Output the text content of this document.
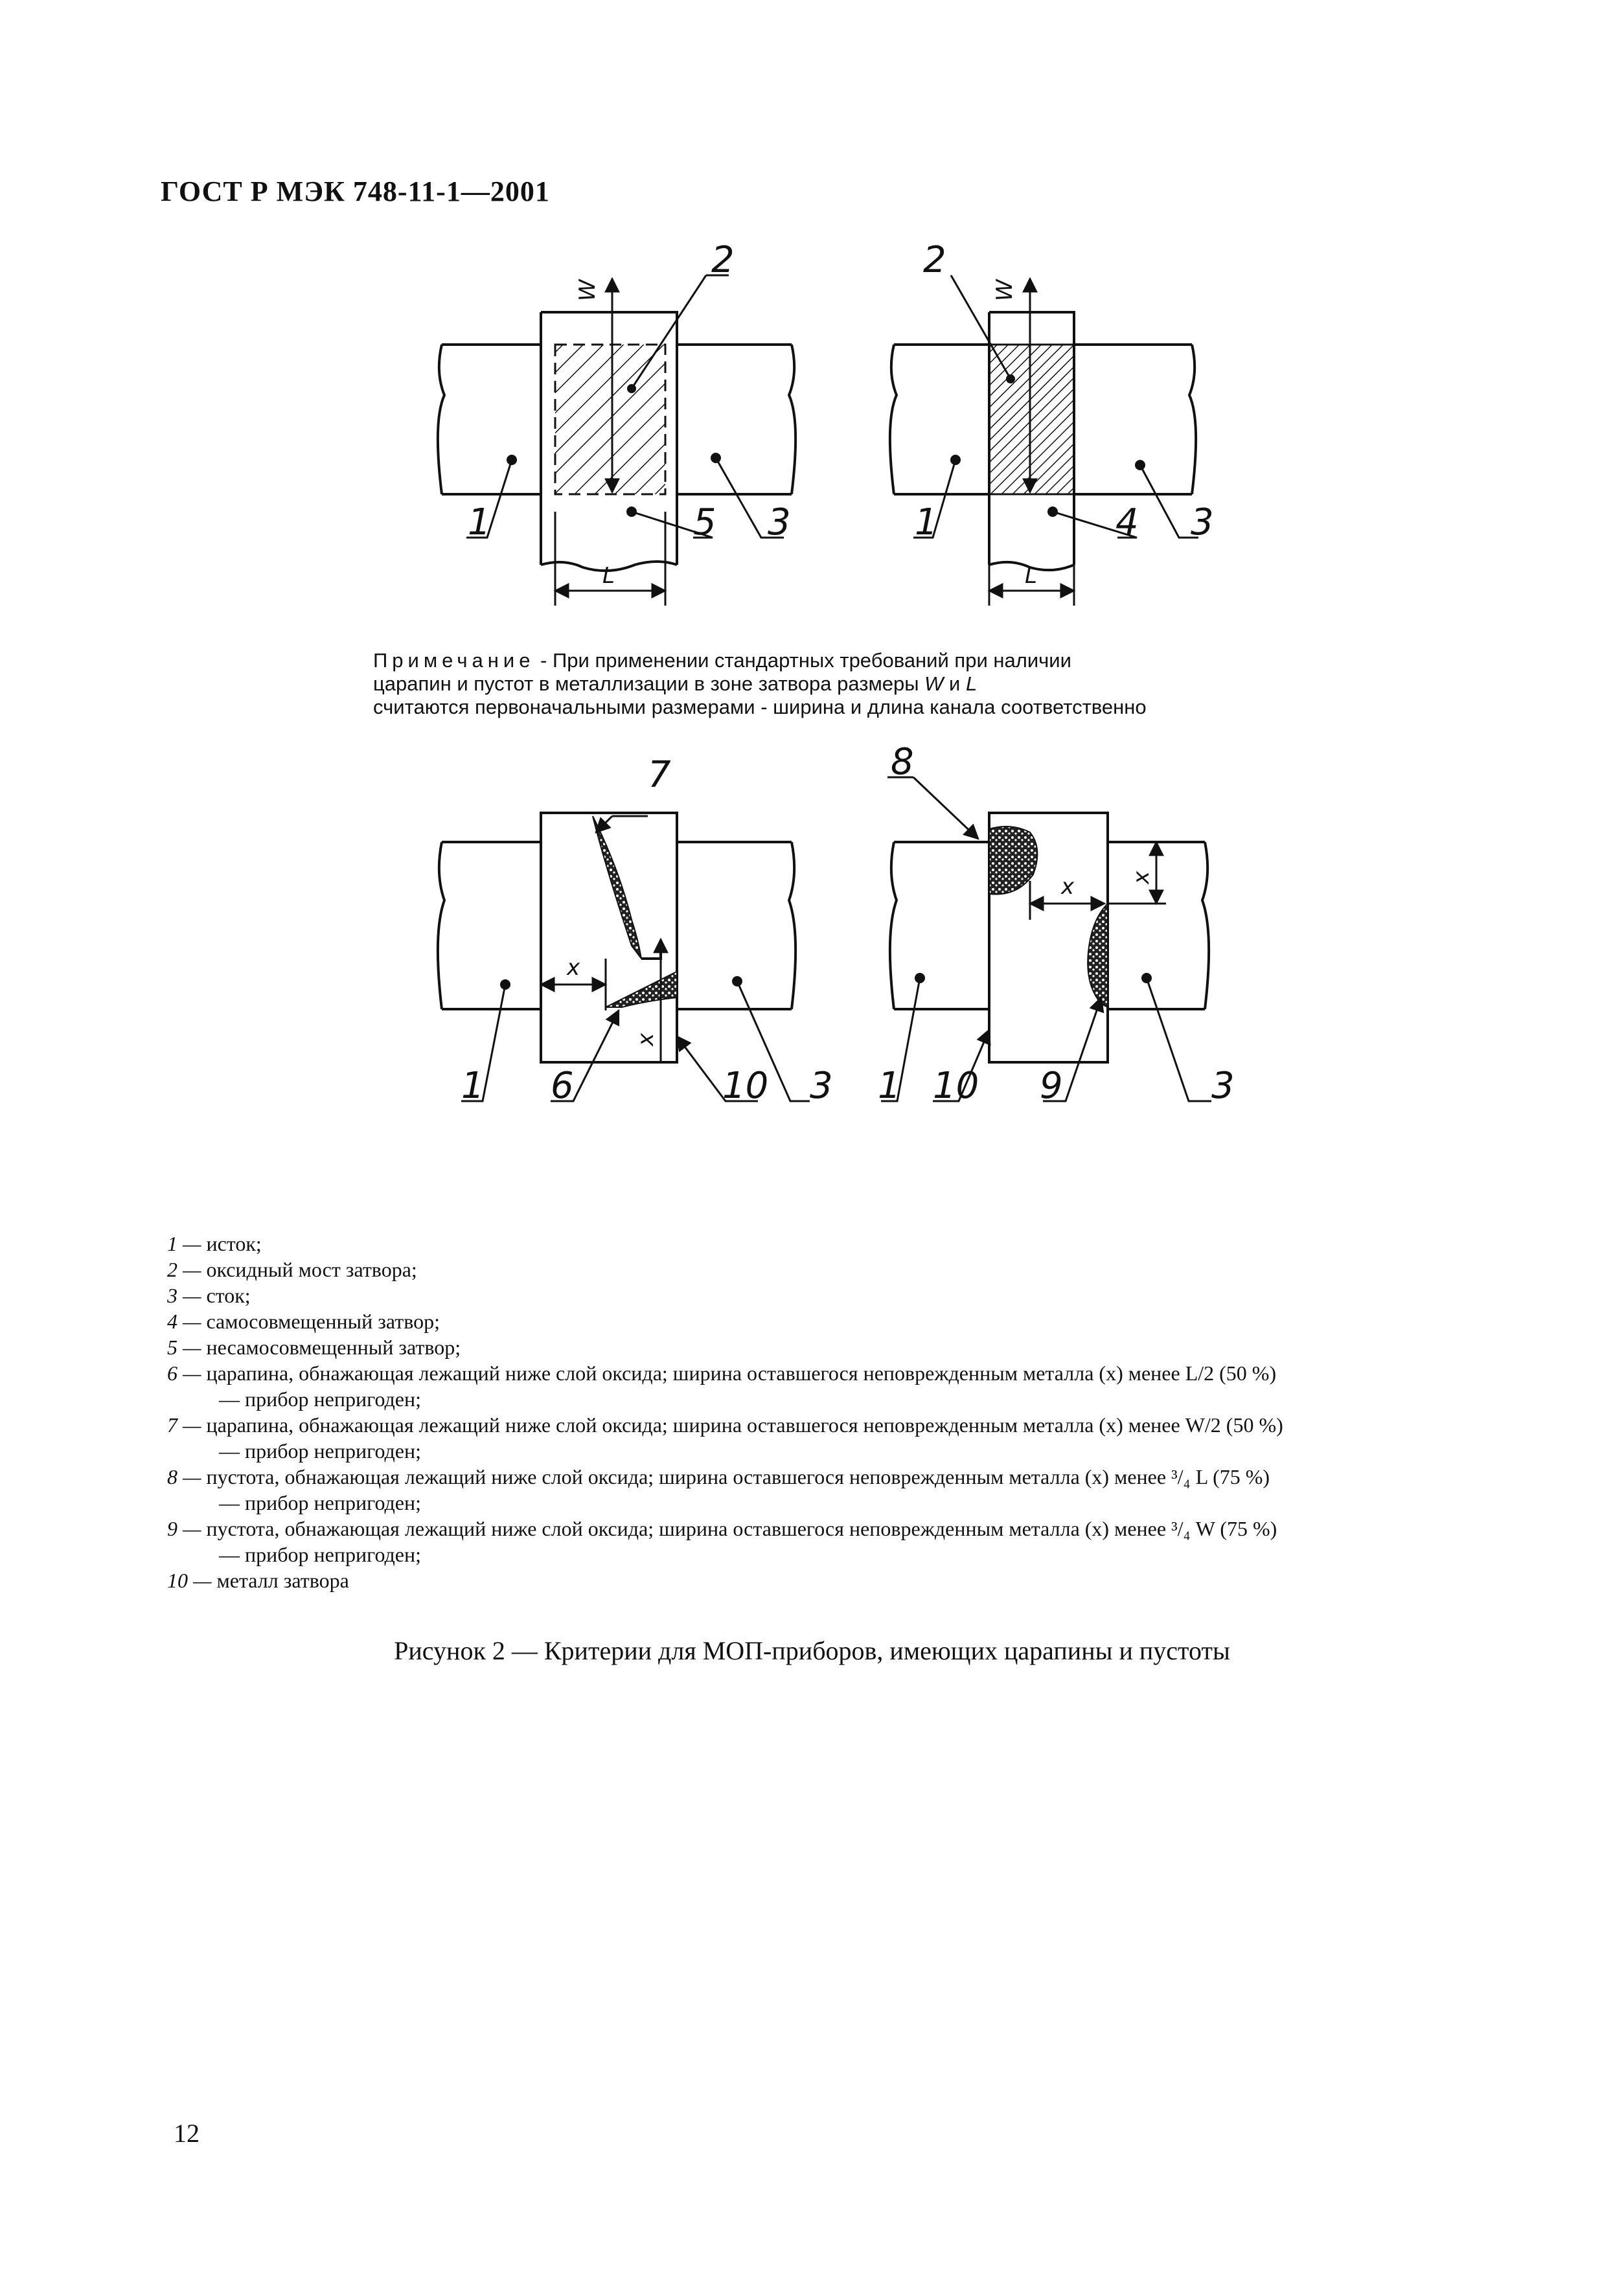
ГОСТ Р МЭК 748-11-1—2001
2
W
1	5 3
L
2
W
1	4 3
L
7
x
x
1 6	10 3
8
x x
1 10 9	3
Примечание - При применении стандартных требований при наличии
царапин и пустот в металлизации в зоне затвора размеры W и L
считаются первоначальными размерами - ширина и длина канала соответственно
1 — исток;
2 — оксидный мост затвора;
3 — сток;
4 — самосовмещенный затвор;
5 — несамосовмещенный затвор;
6 — царапина, обнажающая лежащий ниже слой оксида; ширина оставшегося неповрежденным металла (x) менее L/2 (50 %)
— прибор непригоден;
7 — царапина, обнажающая лежащий ниже слой оксида; ширина оставшегося неповрежденным металла (x) менее W/2 (50 %)
— прибор непригоден;
8 — пустота, обнажающая лежащий ниже слой оксида; ширина оставшегося неповрежденным металла (x) менее ³/₄ L (75 %)
— прибор непригоден;
9 — пустота, обнажающая лежащий ниже слой оксида; ширина оставшегося неповрежденным металла (x) менее ³/₄ W (75 %)
— прибор непригоден;
10 — металл затвора
Рисунок 2 — Критерии для МОП-приборов, имеющих царапины и пустоты
12
